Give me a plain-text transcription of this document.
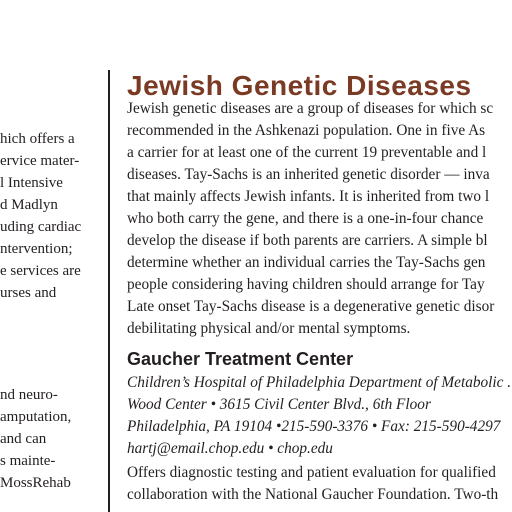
hich offers a
ervice mater-
l Intensive
d Madlyn
uding cardiac
ntervention;
e services are
urses and
nd neuro-
amputation,
and can
s mainte-
MossRehab
Jewish Genetic Diseases
Jewish genetic diseases are a group of diseases for which sc
recommended in the Ashkenazi population. One in five As
a carrier for at least one of the current 19 preventable and l
diseases. Tay-Sachs is an inherited genetic disorder — inva
that mainly affects Jewish infants. It is inherited from two l
who both carry the gene, and there is a one-in-four chance
develop the disease if both parents are carriers. A simple bl
determine whether an individual carries the Tay-Sachs gen
people considering having children should arrange for Tay
Late onset Tay-Sachs disease is a degenerative genetic disor
debilitating physical and/or mental symptoms.
Gaucher Treatment Center
Children’s Hospital of Philadelphia Department of Metabolic .
Wood Center • 3615 Civil Center Blvd., 6th Floor
Philadelphia, PA 19104 •215-590-3376 • Fax: 215-590-4297
hartj@email.chop.edu • chop.edu
Offers diagnostic testing and patient evaluation for qualified
collaboration with the National Gaucher Foundation. Two-th
